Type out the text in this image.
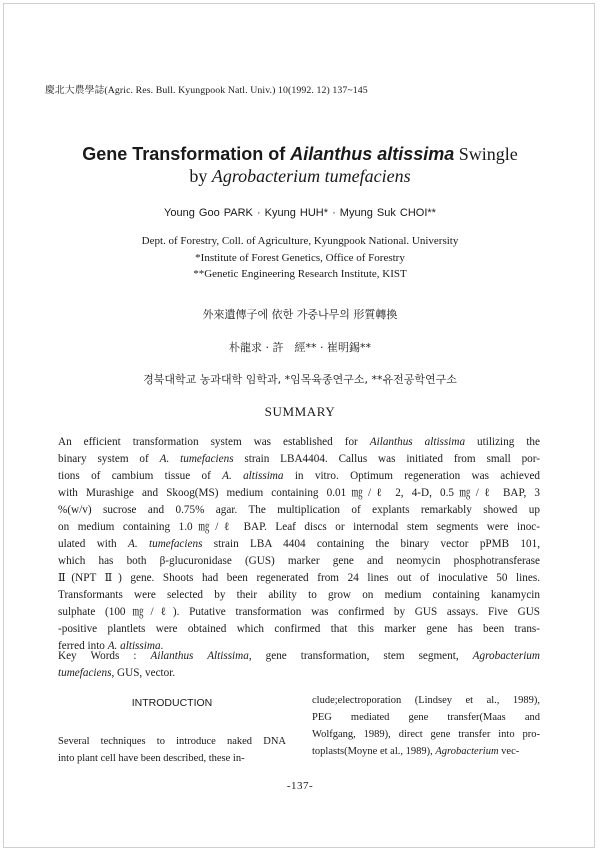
慶北大農學誌(Agric. Res. Bull. Kyungpook Natl. Univ.) 10(1992. 12) 137~145
Gene Transformation of Ailanthus altissima Swingle
by Agrobacterium tumefaciens
Young Goo PARK · Kyung HUH* · Myung Suk CHOI**
Dept. of Forestry, Coll. of Agriculture, Kyungpook National. University
*Institute of Forest Genetics, Office of Forestry
**Genetic Engineering Research Institute, KIST
外來遺傳子에 依한 가중나무의 形質轉換
朴龍求 · 許　經** · 崔明錫**
경북대학교 농과대학 임학과, *임목육종연구소, **유전공학연구소
SUMMARY
An efficient transformation system was established for Ailanthus altissima utilizing the
binary system of A. tumefaciens strain LBA4404. Callus was initiated from small por-
tions of cambium tissue of A. altissima in vitro. Optimum regeneration was achieved
with Murashige and Skoog(MS) medium containing 0.01㎎/ℓ 2, 4-D, 0.5㎎/ℓ BAP, 3
%(w/v) sucrose and 0.75% agar. The multiplication of explants remarkably showed up
on medium containing 1.0㎎/ℓ BAP. Leaf discs or internodal stem segments were inoc-
ulated with A. tumefaciens strain LBA 4404 containing the binary vector pPMB 101,
which has both β-glucuronidase (GUS) marker gene and neomycin phosphotransferase
Ⅱ(NPT Ⅱ) gene. Shoots had been regenerated from 24 lines out of inoculative 50 lines.
Transformants were selected by their ability to grow on medium containing kanamycin
sulphate (100㎎/ℓ). Putative transformation was confirmed by GUS assays. Five GUS
-positive plantlets were obtained which confirmed that this marker gene has been trans-
ferred into A. altissima.
Key Words : Ailanthus Altissima, gene transformation, stem segment, Agrobacterium
tumefaciens, GUS, vector.
INTRODUCTION
Several techniques to introduce naked DNA
into plant cell have been described, these in-
clude;electroporation (Lindsey et al., 1989),
PEG mediated gene transfer(Maas and
Wolfgang, 1989), direct gene transfer into pro-
toplasts(Moyne et al., 1989), Agrobacterium vec-
-137-
